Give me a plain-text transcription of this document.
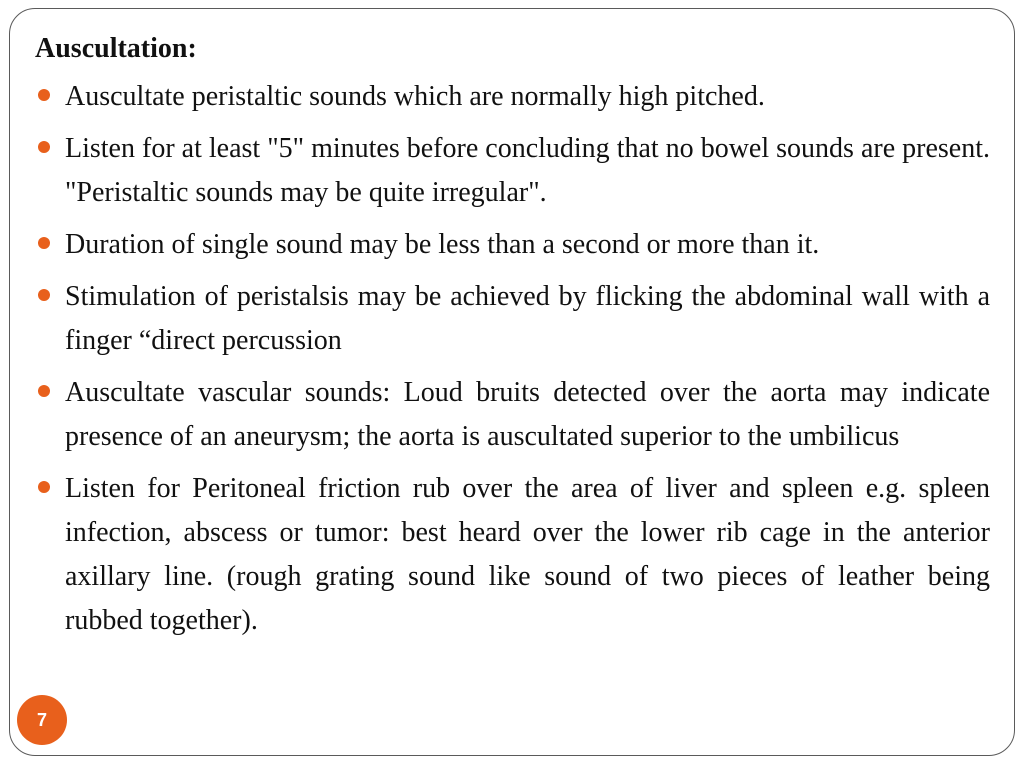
Auscultation:
Auscultate peristaltic sounds which are normally high pitched.
Listen for at least "5" minutes before concluding that no bowel sounds are present. "Peristaltic sounds may be quite irregular".
Duration of single sound may be less than a second or more than it.
Stimulation of peristalsis may be achieved by flicking the abdominal wall with a finger “direct percussion
Auscultate vascular sounds: Loud bruits detected over the aorta may indicate presence of an aneurysm; the aorta is auscultated superior to the umbilicus
Listen for Peritoneal friction rub over the area of liver and spleen e.g. spleen infection, abscess or tumor: best heard over the lower rib cage in the anterior axillary line. (rough grating sound like sound of two pieces of leather being rubbed together).
7
